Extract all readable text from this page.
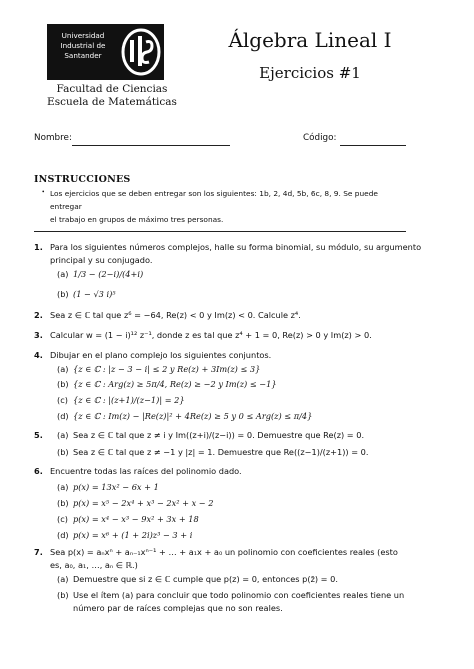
Universidad
Industrial de
Santander
Facultad de Ciencias
Escuela de Matemáticas
Álgebra Lineal I
Ejercicios #1
Nombre:	Código:
INSTRUCCIONES
• Los ejercicios que se deben entregar son los siguientes: 1b, 2, 4d, 5b, 6c, 8, 9. Se puede entregar
el trabajo en grupos de máximo tres personas.
1. Para los siguientes números complejos, halle su forma binomial, su módulo, su argumento
principal y su conjugado.
(a) 1/3 − (2−i)/(4+i)
(b) (1 − √3 i)⁵
2. Sea z ∈ ℂ tal que z⁶ = −64, Re(z) < 0 y Im(z) < 0. Calcule z⁴.
3. Calcular w = (1 − i)¹² z⁻¹, donde z es tal que z⁴ + 1 = 0, Re(z) > 0 y Im(z) > 0.
4. Dibujar en el plano complejo los siguientes conjuntos.
(a) {z ∈ ℂ : |z − 3 − i| ≤ 2 y Re(z) + 3Im(z) ≤ 3}
(b) {z ∈ ℂ : Arg(z) ≥ 5π/4, Re(z) ≥ −2 y Im(z) ≤ −1}
(c) {z ∈ ℂ : |(z+1)/(z−1)| = 2}
(d) {z ∈ ℂ : Im(z) − |Re(z)|² + 4Re(z) ≥ 5 y 0 ≤ Arg(z) ≤ π/4}
5. (a) Sea z ∈ ℂ tal que z ≠ i y Im((z+i)/(z−i)) = 0. Demuestre que Re(z) = 0.
(b) Sea z ∈ ℂ tal que z ≠ −1 y |z| = 1. Demuestre que Re((z−1)/(z+1)) = 0.
6. Encuentre todas las raíces del polinomio dado.
(a) p(x) = 13x² − 6x + 1
(b) p(x) = x⁵ − 2x⁴ + x³ − 2x² + x − 2
(c) p(x) = x⁴ − x³ − 9x² + 3x + 18
(d) p(x) = x⁶ + (1 + 2i)z³ − 3 + i
7. Sea p(x) = aₙxⁿ + aₙ₋₁xⁿ⁻¹ + … + a₁x + a₀ un polinomio con coeficientes reales (esto
es, a₀, a₁, …, aₙ ∈ ℝ.)
(a) Demuestre que si z ∈ ℂ cumple que p(z) = 0, entonces p(z̄) = 0.
(b) Use el ítem (a) para concluir que todo polinomio con coeficientes reales tiene un
número par de raíces complejas que no son reales.
